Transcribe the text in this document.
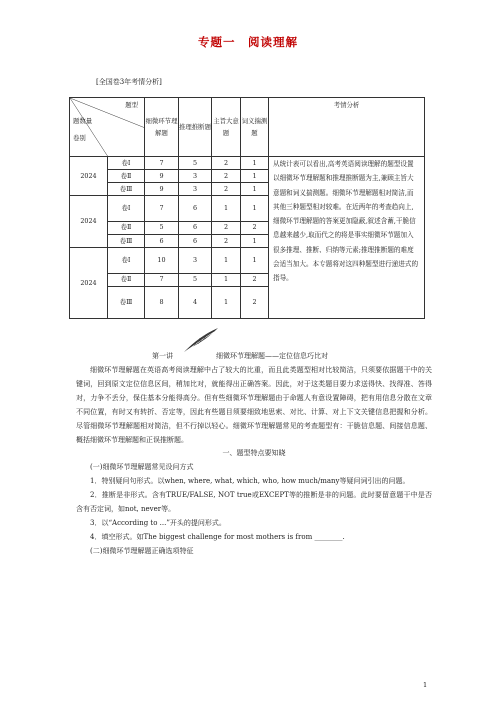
专题一　阅读理解
[全国卷3年考情分析]
题型
题数量
卷别		细微环节理解题	推理推断题	主旨大意题	词义揣测题	考情分析
2024	卷Ⅰ	7	5	2	1	从统计表可以看出,高考英语阅读理解的题型设置以细微环节理解题和推理推断题为主,兼顾主旨大意题和词义揣测题。细微环节理解题相对简洁,而其他三种题型相对较难。在近两年的考查趋向上,细微环节理解题的答案更加隐蔽,叙述含蓄,干脆信息越来越少,取而代之的将是事实细微环节题加入很多推理、推断、归纳等元素;推理推断题的难度会适当加大。本专题将对这四种题型进行递进式的指导。
	卷Ⅱ	9	3	2	1	
	卷Ⅲ	9	3	2	1	
2024	卷Ⅰ	7	6	1	1	
	卷Ⅱ	5	6	2	2	
	卷Ⅲ	6	6	2	1	
2024	卷Ⅰ	10	3	1	1	
	卷Ⅱ	7	5	1	2	
	卷Ⅲ	8	4	1	2	
第一讲	细微环节理解题——定位信息巧比对

细微环节理解题在英语高考阅读理解中占了较大的比重，而且此类题型相对比较简洁，只须要依据题干中的关键词，回到原文定位信息区间，稍加比对，就能得出正确答案。因此，对于这类题目要力求送得快、找得准、答得对，力争不丢分，保住基本分能得高分。但有些细微环节理解题由于命题人有意设置障碍，把有用信息分散在文章不同位置，有时又有转折、否定等，因此有些题目须要细致地思索、对比、计算、对上下文关键信息把握和分析。尽管细微环节理解题相对简洁，但不行掉以轻心。细微环节理解题常见的考查题型有：干脆信息题、间接信息题、概括细微环节理解题和正误推断题。

一、题型特点要知晓

(一)细微环节理解题常见设问方式

1．特别疑问句形式。以when, where, what, which, who, how much/many等疑问词引出的问题。

2．推断是非形式。含有TRUE/FALSE, NOT true或EXCEPT等的推断是非的问题。此时要留意题干中是否含有否定词，如not, never等。

3．以“According to ...”开头的提问形式。

4．填空形式。如The biggest challenge for most mothers is from ________.

(二)细微环节理解题正确选项特征

1
